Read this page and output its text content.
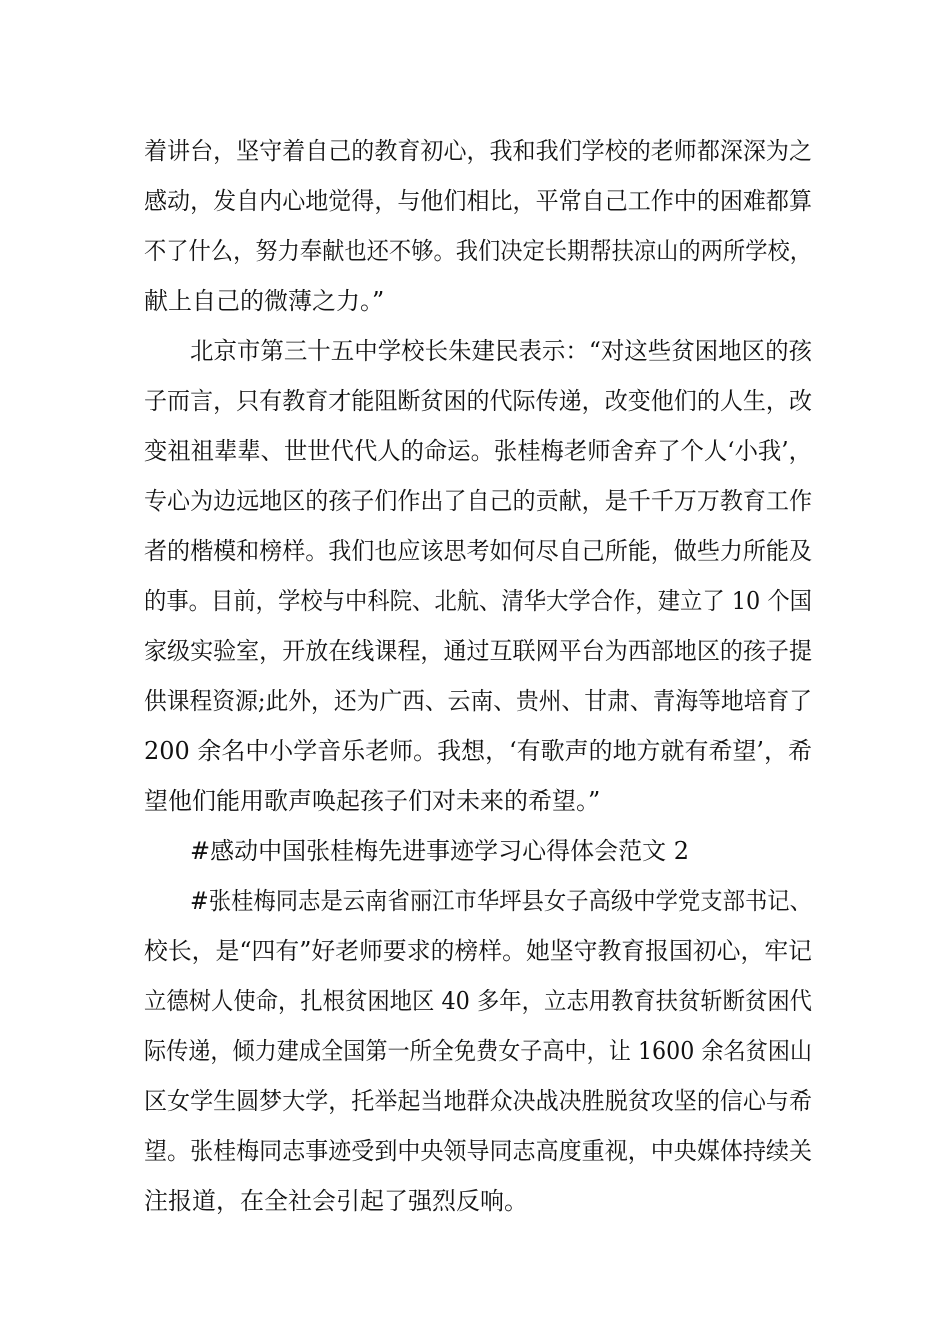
着讲台，坚守着自己的教育初心，我和我们学校的老师都深深为之
感动，发自内心地觉得，与他们相比，平常自己工作中的困难都算
不了什么，努力奉献也还不够。我们决定长期帮扶凉山的两所学校，
献上自己的微薄之力。”
北京市第三十五中学校长朱建民表示：“对这些贫困地区的孩
子而言，只有教育才能阻断贫困的代际传递，改变他们的人生，改
变祖祖辈辈、世世代代人的命运。张桂梅老师舍弃了个人‘小我’，
专心为边远地区的孩子们作出了自己的贡献，是千千万万教育工作
者的楷模和榜样。我们也应该思考如何尽自己所能，做些力所能及
的事。目前，学校与中科院、北航、清华大学合作，建立了 10 个国
家级实验室，开放在线课程，通过互联网平台为西部地区的孩子提
供课程资源;此外，还为广西、云南、贵州、甘肃、青海等地培育了
200 余名中小学音乐老师。我想，‘有歌声的地方就有希望’，希
望他们能用歌声唤起孩子们对未来的希望。”
#感动中国张桂梅先进事迹学习心得体会范文 2
#张桂梅同志是云南省丽江市华坪县女子高级中学党支部书记、
校长，是“四有”好老师要求的榜样。她坚守教育报国初心，牢记
立德树人使命，扎根贫困地区 40 多年，立志用教育扶贫斩断贫困代
际传递，倾力建成全国第一所全免费女子高中，让 1600 余名贫困山
区女学生圆梦大学，托举起当地群众决战决胜脱贫攻坚的信心与希
望。张桂梅同志事迹受到中央领导同志高度重视，中央媒体持续关
注报道，在全社会引起了强烈反响。
